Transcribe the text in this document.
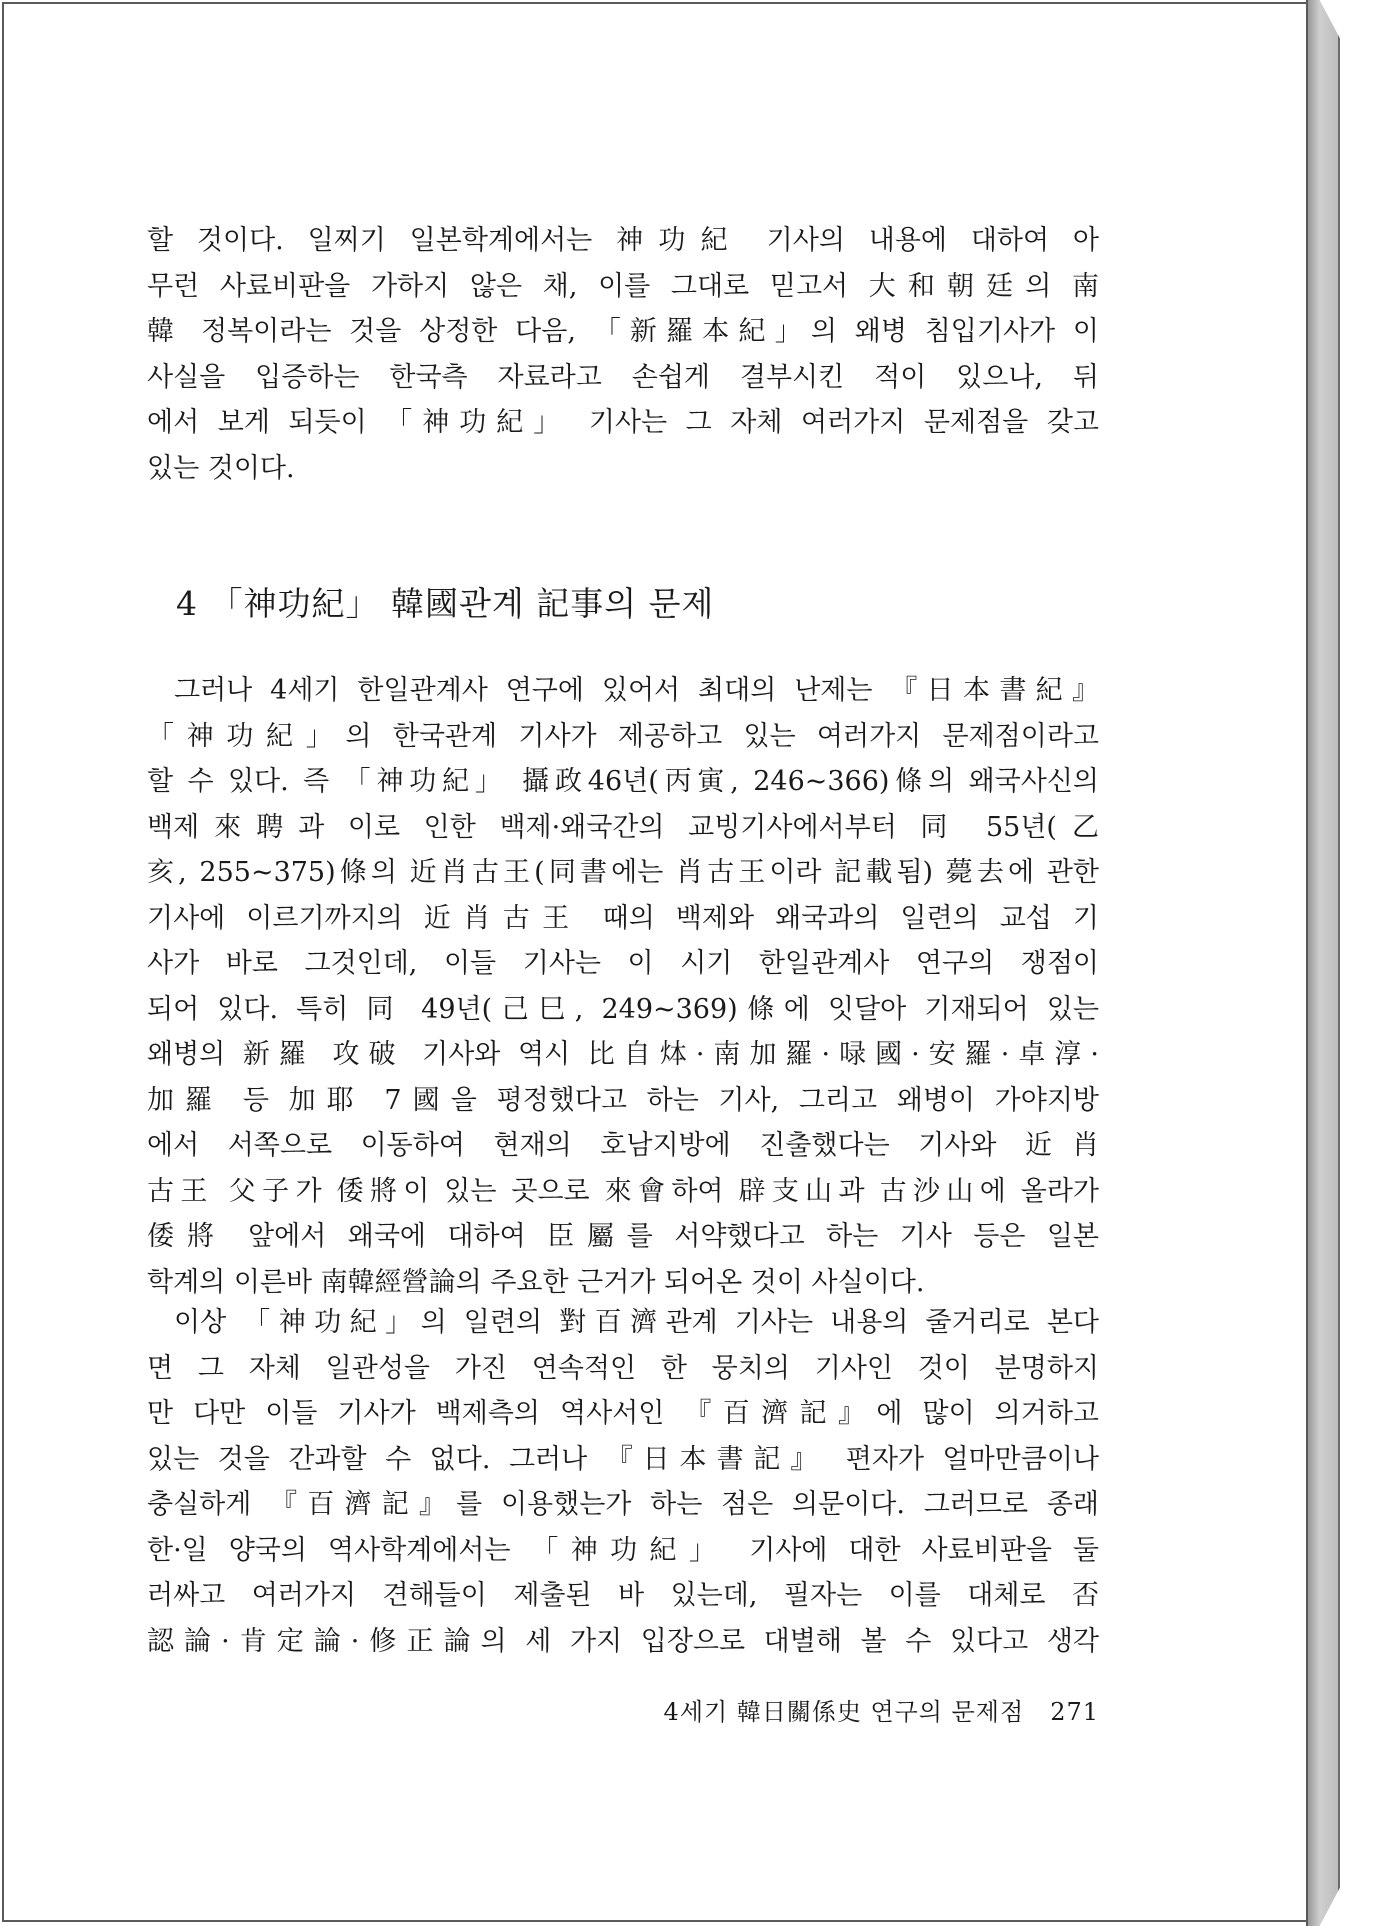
할 것이다. 일찌기 일본학계에서는 神功紀 기사의 내용에 대하여 아
무런 사료비판을 가하지 않은 채, 이를 그대로 믿고서 大和朝廷의 南
韓 정복이라는 것을 상정한 다음, 「新羅本紀」의 왜병 침입기사가 이
사실을 입증하는 한국측 자료라고 손쉽게 결부시킨 적이 있으나, 뒤
에서 보게 되듯이 「神功紀」 기사는 그 자체 여러가지 문제점을 갖고
있는 것이다.
4 「神功紀」 韓國관계 記事의 문제
그러나 4세기 한일관계사 연구에 있어서 최대의 난제는 『日本書紀』
「神功紀」의 한국관계 기사가 제공하고 있는 여러가지 문제점이라고
할 수 있다. 즉 「神功紀」 攝政46년(丙寅, 246~366)條의 왜국사신의
백제來聘과 이로 인한 백제·왜국간의 교빙기사에서부터 同 55년(乙
亥, 255~375)條의 近肖古王(同書에는 肖古王이라 記載됨) 薨去에 관한
기사에 이르기까지의 近肖古王 때의 백제와 왜국과의 일련의 교섭 기
사가 바로 그것인데, 이들 기사는 이 시기 한일관계사 연구의 쟁점이
되어 있다. 특히 同 49년(己巳, 249~369)條에 잇달아 기재되어 있는
왜병의 新羅 攻破 기사와 역시 比自㶱·南加羅·㖨國·安羅·卓淳·
加羅 등 加耶 7國을 평정했다고 하는 기사, 그리고 왜병이 가야지방
에서 서쪽으로 이동하여 현재의 호남지방에 진출했다는 기사와 近肖
古王 父子가 倭將이 있는 곳으로 來會하여 辟支山과 古沙山에 올라가
倭將 앞에서 왜국에 대하여 臣屬를 서약했다고 하는 기사 등은 일본
학계의 이른바 南韓經營論의 주요한 근거가 되어온 것이 사실이다.
이상 「神功紀」의 일련의 對百濟관계 기사는 내용의 줄거리로 본다
면 그 자체 일관성을 가진 연속적인 한 뭉치의 기사인 것이 분명하지
만 다만 이들 기사가 백제측의 역사서인 『百濟記』에 많이 의거하고
있는 것을 간과할 수 없다. 그러나 『日本書記』 편자가 얼마만큼이나
충실하게 『百濟記』를 이용했는가 하는 점은 의문이다. 그러므로 종래
한·일 양국의 역사학계에서는 「神功紀」 기사에 대한 사료비판을 둘
러싸고 여러가지 견해들이 제출된 바 있는데, 필자는 이를 대체로 否
認論·肯定論·修正論의 세 가지 입장으로 대별해 볼 수 있다고 생각
4세기 韓日關係史 연구의 문제점 271
